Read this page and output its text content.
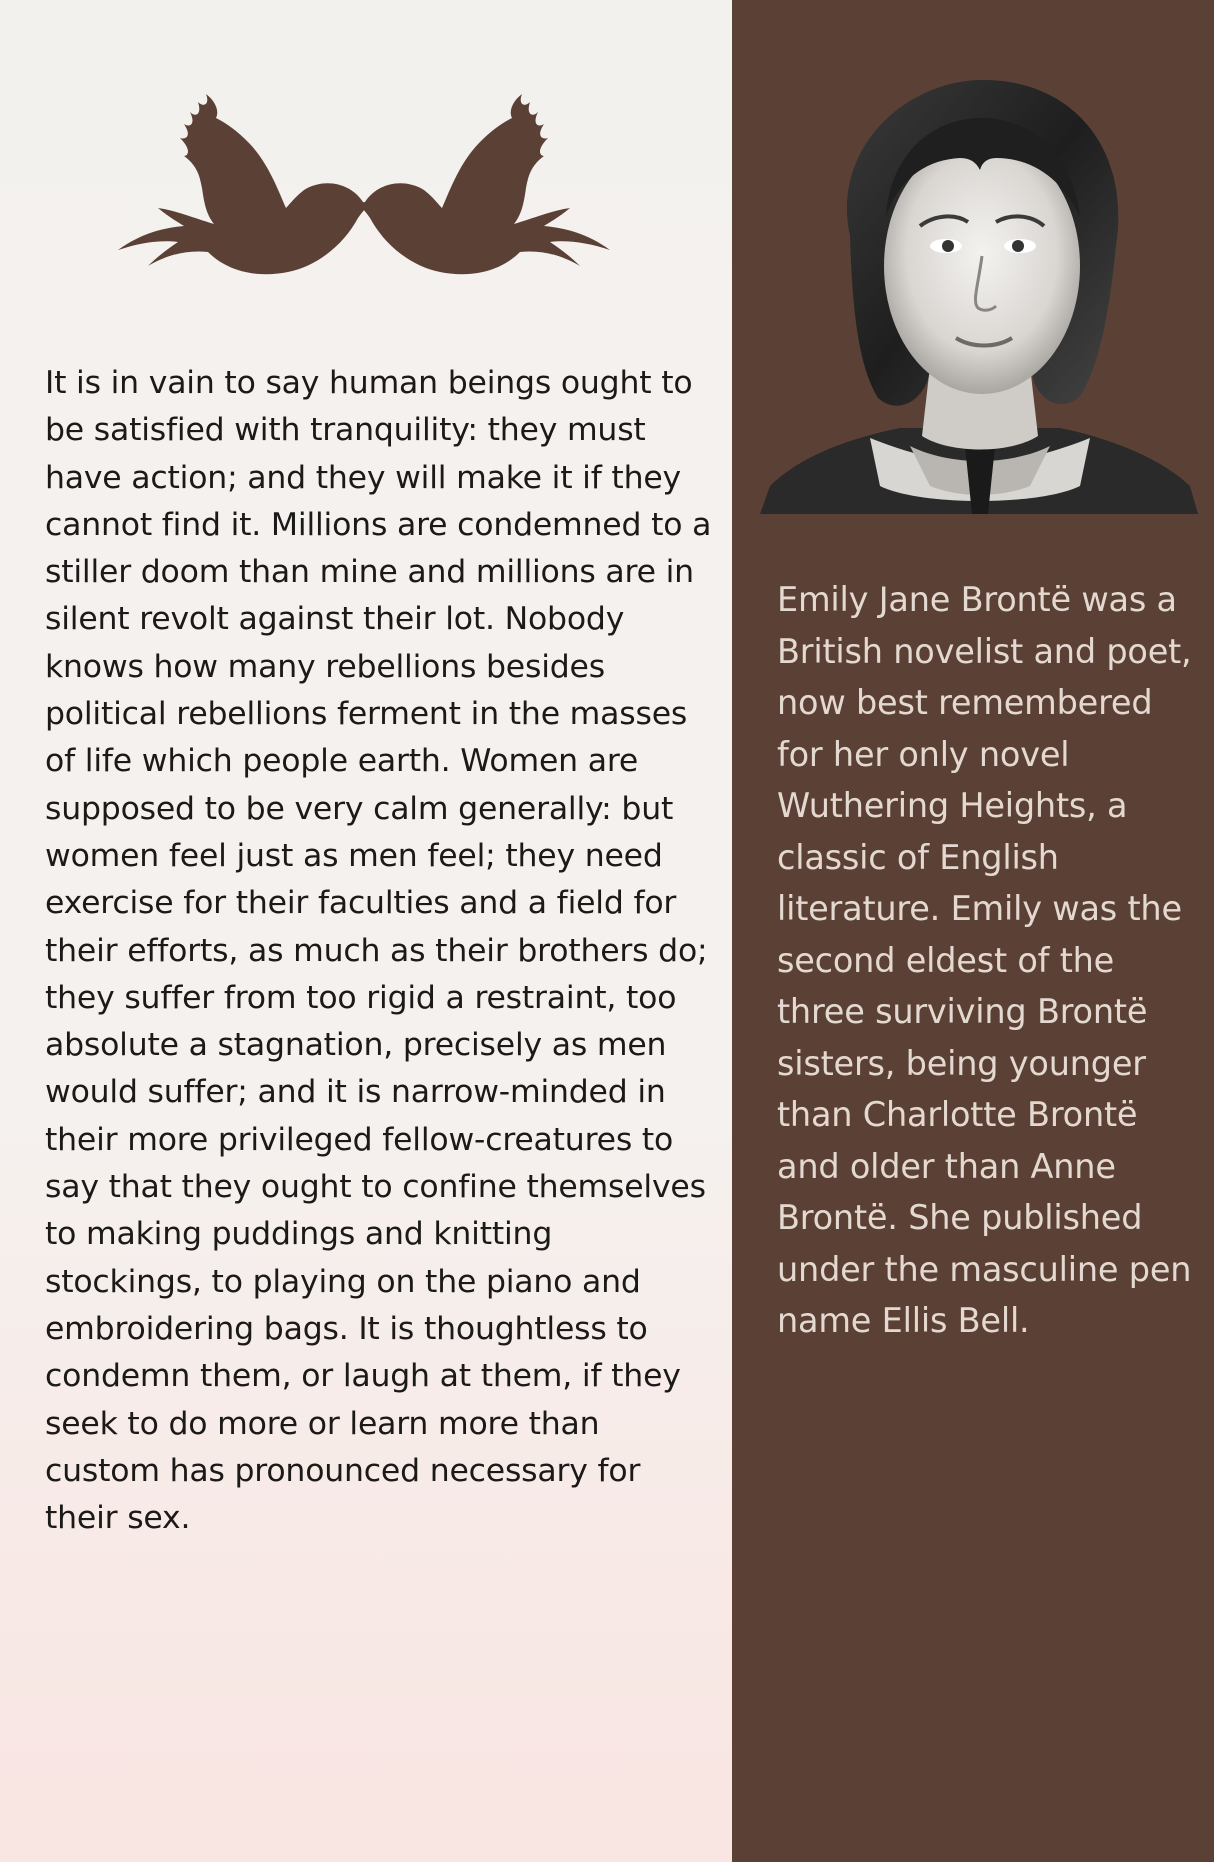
It is in vain to say human beings ought to be satisfied with tranquility: they must have action; and they will make it if they cannot find it. Millions are condemned to a stiller doom than mine and millions are in silent revolt against their lot. Nobody knows how many rebellions besides political rebellions ferment in the masses of life which people earth. Women are supposed to be very calm generally: but women feel just as men feel; they need exercise for their faculties and a field for their efforts, as much as their brothers do; they suffer from too rigid a restraint, too absolute a stagnation, precisely as men would suffer; and it is narrow-minded in their more privileged fellow-creatures to say that they ought to confine themselves to making puddings and knitting stockings, to playing on the piano and embroidering bags. It is thoughtless to condemn them, or laugh at them, if they seek to do more or learn more than custom has pronounced necessary for their sex.

Emily Jane Brontë was a British novelist and poet, now best remembered for her only novel Wuthering Heights, a classic of English literature. Emily was the second eldest of the three surviving Brontë sisters, being younger than Charlotte Brontë and older than Anne Brontë. She published under the masculine pen name Ellis Bell.
